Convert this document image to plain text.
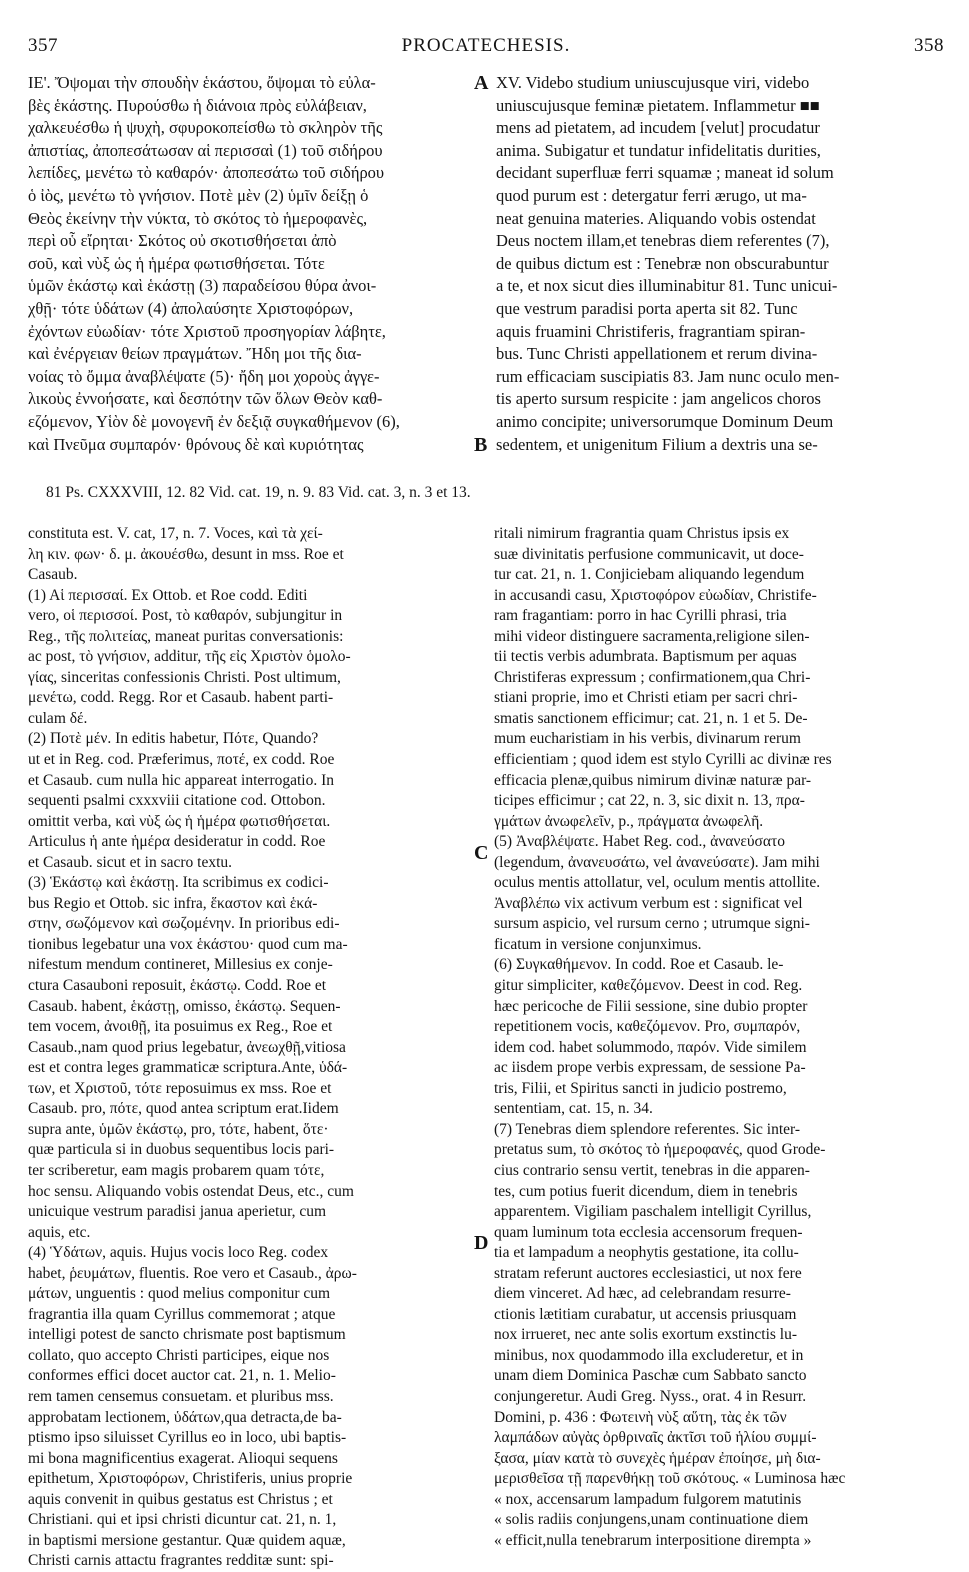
357	PROCATECHESIS.	358
ΙΕ'. Ὄψομαι τὴν σπουδὴν ἑκάστου, ὄψομαι τὸ εὐλα-
βὲς ἑκάστης. Πυρούσθω ἡ διάνοια πρὸς εὐλάβειαν,
χαλκευέσθω ἡ ψυχὴ, σφυροκοπείσθω τὸ σκληρὸν τῆς
ἀπιστίας, ἀποπεσάτωσαν αἱ περισσαὶ (1) τοῦ σιδήρου
λεπίδες, μενέτω τὸ καθαρόν· ἀποπεσάτω τοῦ σιδήρου
ὁ ἰὸς, μενέτω τὸ γνήσιον. Ποτὲ μὲν (2) ὑμῖν δείξῃ ὁ
Θεὸς ἐκείνην τὴν νύκτα, τὸ σκότος τὸ ἡμεροφανὲς,
περὶ οὗ εἴρηται· Σκότος οὐ σκοτισθήσεται ἀπὸ
σοῦ, καὶ νὺξ ὡς ἡ ἡμέρα φωτισθήσεται. Τότε
ὑμῶν ἑκάστῳ καὶ ἑκάστῃ (3) παραδείσου θύρα ἀνοι-
χθῇ· τότε ὑδάτων (4) ἀπολαύσητε Χριστοφόρων,
ἐχόντων εὐωδίαν· τότε Χριστοῦ προσηγορίαν λάβητε,
καὶ ἐνέργειαν θείων πραγμάτων. Ἤδη μοι τῆς δια-
νοίας τὸ ὄμμα ἀναβλέψατε (5)· ἤδη μοι χοροὺς ἀγγε-
λικοὺς ἐννοήσατε, καὶ δεσπότην τῶν ὅλων Θεὸν καθ-
εζόμενον, Υἱὸν δὲ μονογενῆ ἐν δεξιᾷ συγκαθήμενον (6),
καὶ Πνεῦμα συμπαρόν· θρόνους δὲ καὶ κυριότητας
XV. Videbo studium uniuscujusque viri, videbo
uniuscujusque feminæ pietatem. Inflammetur ■■
mens ad pietatem, ad incudem [velut] procudatur
anima. Subigatur et tundatur infidelitatis durities,
decidant superfluæ ferri squamæ ; maneat id solum
quod purum est : detergatur ferri ærugo, ut ma-
neat genuina materies. Aliquando vobis ostendat
Deus noctem illam,et tenebras diem referentes (7),
de quibus dictum est : Tenebræ non obscurabuntur
a te, et nox sicut dies illuminabitur 81. Tunc unicui-
que vestrum paradisi porta aperta sit 82. Tunc
aquis fruamini Christiferis, fragrantiam spiran-
bus. Tunc Christi appellationem et rerum divina-
rum efficaciam suscipiatis 83. Jam nunc oculo men-
tis aperto sursum respicite : jam angelicos choros
animo concipite; universorumque Dominum Deum
sedentem, et unigenitum Filium a dextris una se-
A
B
C
D
81 Ps. CXXXVIII, 12. 82 Vid. cat. 19, n. 9. 83 Vid. cat. 3, n. 3 et 13.
constituta est. V. cat, 17, n. 7. Voces, καὶ τὰ χεί-
λη κιν. φων· δ. μ. ἀκουέσθω, desunt in mss. Roe et
Casaub.
(1) Αἱ περισσαί. Ex Ottob. et Roe codd. Editi
vero, οἱ περισσοί. Post, τὸ καθαρόν, subjungitur in
Reg., τῆς πολιτείας, maneat puritas conversationis:
ac post, τὸ γνήσιον, additur, τῆς εἰς Χριστὸν ὁμολο-
γίας, sinceritas confessionis Christi. Post ultimum,
μενέτω, codd. Regg. Ror et Casaub. habent parti-
culam δέ.
(2) Ποτὲ μέν. In editis habetur, Πότε, Quando?
ut et in Reg. cod. Præferimus, ποτέ, ex codd. Roe
et Casaub. cum nulla hic appareat interrogatio. In
sequenti psalmi cxxxviii citatione cod. Ottobon.
omittit verba, καὶ νὺξ ὡς ἡ ἡμέρα φωτισθήσεται.
Articulus ἡ ante ἡμέρα desideratur in codd. Roe
et Casaub. sicut et in sacro textu.
(3) Ἑκάστῳ καὶ ἑκάστῃ. Ita scribimus ex codici-
bus Regio et Ottob. sic infra, ἕκαστον καὶ ἑκά-
στην, σωζόμενον καὶ σωζομένην. In prioribus edi-
tionibus legebatur una vox ἑκάστου· quod cum ma-
nifestum mendum contineret, Millesius ex conje-
ctura Casauboni reposuit, ἑκάστῳ. Codd. Roe et
Casaub. habent, ἑκάστῃ, omisso, ἑκάστῳ. Sequen-
tem vocem, ἀνοιθῇ, ita posuimus ex Reg., Roe et
Casaub.,nam quod prius legebatur, ἀνεωχθῇ,vitiosa
est et contra leges grammaticæ scriptura.Ante, ὑδά-
των, et Χριστοῦ, τότε reposuimus ex mss. Roe et
Casaub. pro, πότε, quod antea scriptum erat.Iidem
supra ante, ὑμῶν ἑκάστῳ, pro, τότε, habent, ὅτε·
quæ particula si in duobus sequentibus locis pari-
ter scriberetur, eam magis probarem quam τότε,
hoc sensu. Aliquando vobis ostendat Deus, etc., cum
unicuique vestrum paradisi janua aperietur, cum
aquis, etc.
(4) Ὑδάτων, aquis. Hujus vocis loco Reg. codex
habet, ῥευμάτων, fluentis. Roe vero et Casaub., ἀρω-
μάτων, unguentis : quod melius componitur cum
fragrantia illa quam Cyrillus commemorat ; atque
intelligi potest de sancto chrismate post baptismum
collato, quo accepto Christi participes, eique nos
conformes effici docet auctor cat. 21, n. 1. Melio-
rem tamen censemus consuetam. et pluribus mss.
approbatam lectionem, ὑδάτων,qua detracta,de ba-
ptismo ipso siluisset Cyrillus eo in loco, ubi baptis-
mi bona magnificentius exagerat. Alioqui sequens
epithetum, Χριστοφόρων, Christiferis, unius proprie
aquis convenit in quibus gestatus est Christus ; et
Christiani. qui et ipsi christi dicuntur cat. 21, n. 1,
in baptismi mersione gestantur. Quæ quidem aquæ,
Christi carnis attactu fragrantes redditæ sunt: spi-
ritali nimirum fragrantia quam Christus ipsis ex
suæ divinitatis perfusione communicavit, ut doce-
tur cat. 21, n. 1. Conjiciebam aliquando legendum
in accusandi casu, Χριστοφόρον εὐωδίαν, Christife-
ram fragantiam: porro in hac Cyrilli phrasi, tria
mihi videor distinguere sacramenta,religione silen-
tii tectis verbis adumbrata. Baptismum per aquas
Christiferas expressum ; confirmationem,qua Chri-
stiani proprie, imo et Christi etiam per sacri chri-
smatis sanctionem efficimur; cat. 21, n. 1 et 5. De-
mum eucharistiam in his verbis, divinarum rerum
efficientiam ; quod idem est stylo Cyrilli ac divinæ res
efficacia plenæ,quibus nimirum divinæ naturæ par-
ticipes efficimur ; cat 22, n. 3, sic dixit n. 13, πρα-
γμάτων ἀνωφελεῖν, p., πράγματα ἀνωφελῆ.
(5) Ἀναβλέψατε. Habet Reg. cod., ἀνανεύσατο
(legendum, ἀνανευσάτω, vel ἀνανεύσατε). Jam mihi
oculus mentis attollatur, vel, oculum mentis attollite.
Ἀναβλέπω vix activum verbum est : significat vel
sursum aspicio, vel rursum cerno ; utrumque signi-
ficatum in versione conjunximus.
(6) Συγκαθήμενον. In codd. Roe et Casaub. le-
gitur simpliciter, καθεζόμενον. Deest in cod. Reg.
hæc pericoche de Filii sessione, sine dubio propter
repetitionem vocis, καθεζόμενον. Pro, συμπαρόν,
idem cod. habet solummodo, παρόν. Vide similem
ac iisdem prope verbis expressam, de sessione Pa-
tris, Filii, et Spiritus sancti in judicio postremo,
sententiam, cat. 15, n. 34.
(7) Tenebras diem splendore referentes. Sic inter-
pretatus sum, τὸ σκότος τὸ ἡμεροφανές, quod Grode-
cius contrario sensu vertit, tenebras in die apparen-
tes, cum potius fuerit dicendum, diem in tenebris
apparentem. Vigiliam paschalem intelligit Cyrillus,
quam luminum tota ecclesia accensorum frequen-
tia et lampadum a neophytis gestatione, ita collu-
stratam referunt auctores ecclesiastici, ut nox fere
diem vinceret. Ad hæc, ad celebrandam resurre-
ctionis lætitiam curabatur, ut accensis priusquam
nox irrueret, nec ante solis exortum exstinctis lu-
minibus, nox quodammodo illa excluderetur, et in
unam diem Dominica Paschæ cum Sabbato sancto
conjungeretur. Audi Greg. Nyss., orat. 4 in Resurr.
Domini, p. 436 : Φωτεινὴ νὺξ αὕτη, τὰς ἐκ τῶν
λαμπάδων αὐγὰς ὀρθριναῖς ἀκτῖσι τοῦ ἡλίου συμμί-
ξασα, μίαν κατὰ τὸ συνεχὲς ἡμέραν ἐποίησε, μὴ δια-
μερισθεῖσα τῇ παρενθήκῃ τοῦ σκότους. « Luminosa hæc
« nox, accensarum lampadum fulgorem matutinis
« solis radiis conjungens,unam continuatione diem
« efficit,nulla tenebrarum interpositione dirempta »
